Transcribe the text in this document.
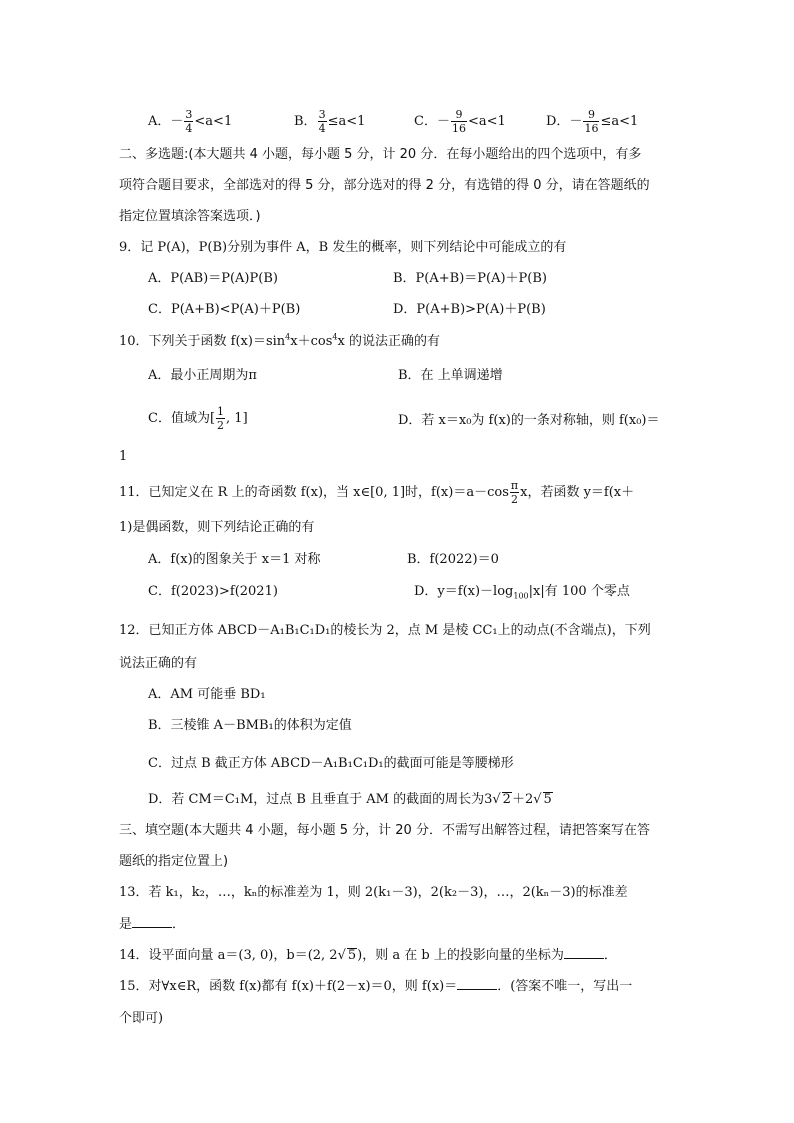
A．－ $\frac{3}{4} <a<1$	B． $\frac{3}{4} \le a<1$	C．－ $\frac{9}{16} <a<1$	D．－ $\frac{9}{16} \le a<1$
二、多选题:(本大题共 4 小题，每小题 5 分，计 20 分．在每小题给出的四个选项中，有多
项符合题目要求，全部选对的得 5 分，部分选对的得 2 分，有选错的得 0 分，请在答题纸的
指定位置填涂答案选项．)
9．记 P(A)，P(B)分别为事件 A，B 发生的概率，则下列结论中可能成立的有
A．P(AB)＝P(A)P(B)	B．P(A+B)＝P(A)＋P(B)
C．P(A+B)<P(A)＋P(B)	D．P(A+B)>P(A)＋P(B)
10．下列关于函数 $f(x)=\sin^4x+\cos^4x$ 的说法正确的有
A．最小正周期为π	B．在 上单调递增
C．值域为[ $\frac{1}{2}$ , 1]	D．若 x＝x₀为 f(x)的一条对称轴，则 f(x₀)＝
1
11．已知定义在 R 上的奇函数 f(x)，当 x∈[0, 1]时，$f(x)=a-\cos \frac{\pi}{2}$ x，若函数 y＝f(x＋
1)是偶函数，则下列结论正确的有
A．f(x)的图象关于 x＝1 对称	B．f(2022)＝0
C．f(2023)>f(2021)	D．$y=f(x)-\log_{100}|x|$有 100 个零点
12．已知正方体 ABCD－A₁B₁C₁D₁的棱长为 2，点 M 是棱 CC₁上的动点(不含端点)，下列
说法正确的有
A．AM 可能垂 BD₁
B．三棱锥 A－BMB₁的体积为定值
C．过点 B 截正方体 ABCD－A₁B₁C₁D₁的截面可能是等腰梯形
D．若 CM＝C₁M，过点 B 且垂直于 AM 的截面的周长为3√ 2＋2√ 5
三、填空题(本大题共 4 小题，每小题 5 分，计 20 分．不需写出解答过程，请把答案写在答
题纸的指定位置上)
13．若 k₁，k₂，…，kₙ的标准差为 1，则 2(k₁－3)，2(k₂－3)，…，2(kₙ－3)的标准差
是	．
14．设平面向量 a＝(3, 0)，b＝(2, 2√ 5)，则 a 在 b 上的投影向量的坐标为	．
15．对∀x∈R，函数 f(x)都有 f(x)＋f(2－x)＝0，则 f(x)＝	．(答案不唯一，写出一
个即可)
